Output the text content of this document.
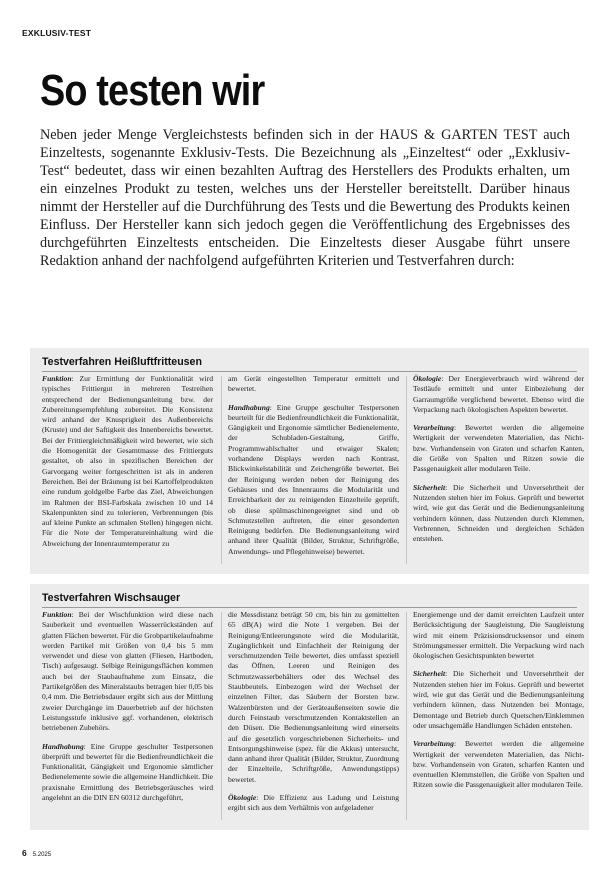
EXKLUSIV-TEST
So testen wir

Neben jeder Menge Vergleichstests befinden sich in der HAUS & GARTEN TEST auch Einzeltests, sogenannte Exklusiv-Tests. Die Bezeichnung als „Einzeltest“ oder „Exklusiv-Test“ bedeutet, dass wir einen bezahlten Auftrag des Herstellers des Produkts erhalten, um ein einzelnes Produkt zu testen, welches uns der Hersteller bereitstellt. Darüber hinaus nimmt der Hersteller auf die Durchführung des Tests und die Bewertung des Produkts keinen Einfluss. Der Hersteller kann sich jedoch gegen die Veröffentlichung des Ergebnisses des durchgeführten Einzeltests entscheiden. Die Einzeltests dieser Ausgabe führt unsere Redaktion anhand der nachfolgend aufgeführten Kriterien und Testverfahren durch:

Testverfahren Heißluftfritteusen

Funktion: Zur Ermittlung der Funktionalität wird typisches Frittiergut in mehreren Testreihen entsprechend der Bedienungsanleitung bzw. der Zubereitungsempfehlung zubereitet. Die Konsistenz wird anhand der Knusprigkeit des Außenbereichs (Kruste) und der Saftigkeit des Innenbereichs bewertet. Bei der Frittiergleichmäßigkeit wird bewertet, wie sich die Homogenität der Gesamtmasse des Frittierguts gestaltet, ob also in spezifischen Bereichen der Garvorgang weiter fortgeschritten ist als in anderen Bereichen. Bei der Bräunung ist bei Kartoffelprodukten eine rundum goldgelbe Farbe das Ziel, Abweichungen im Rahmen der BSI-Farbskala zwischen 10 und 14 Skalenpunkten sind zu tolerieren, Verbrennungen (bis auf kleine Punkte an schmalen Stellen) hingegen nicht. Für die Note der Temperatureinhaltung wird die Abweichung der Innenraumtemperatur zu

am Gerät eingestellten Temperatur ermittelt und bewertet.

Handhabung: Eine Gruppe geschulter Testpersonen beurteilt für die Bedienfreundlichkeit die Funktionalität, Gängigkeit und Ergonomie sämtlicher Bedienelemente, der Schubladen-Gestaltung, Griffe, Programmwahlschalter und etwaiger Skalen; vorhandene Displays werden nach Kontrast, Blickwinkelstabilität und Zeichengröße bewertet. Bei der Reinigung werden neben der Reinigung des Gehäuses und des Innenraums die Modularität und Erreichbarkeit der zu reinigenden Einzelteile geprüft, ob diese spülmaschinengeeignet sind und ob Schmutzstellen auftreten, die einer gesonderten Reinigung bedürfen. Die Bedienungsanleitung wird anhand ihrer Qualität (Bilder, Struktur, Schriftgröße, Anwendungs- und Pflegehinweise) bewertet.

Ökologie: Der Energieverbrauch wird während der Testläufe ermittelt und unter Einbeziehung der Garraumgröße verglichend bewertet. Ebenso wird die Verpackung nach ökologischen Aspekten bewertet.

Verarbeitung: Bewertet werden die allgemeine Wertigkeit der verwendeten Materialien, das Nicht- bzw. Vorhandensein von Graten und scharfen Kanten, die Größe von Spalten und Ritzen sowie die Passgenauigkeit aller modularen Teile.

Sicherheit: Die Sicherheit und Unversehrtheit der Nutzenden stehen hier im Fokus. Geprüft und bewertet wird, wie gut das Gerät und die Bedienungsanleitung verhindern können, dass Nutzenden durch Klemmen, Verbrennen, Schneiden und dergleichen Schäden entstehen.

Testverfahren Wischsauger

Funktion: Bei der Wischfunktion wird diese nach Sauberkeit und eventuellen Wasserrückständen auf glatten Flächen bewertet. Für die Grobpartikelaufnahme werden Partikel mit Größen von 0,4 bis 5 mm verwendet und diese von glatten (Fliesen, Hartboden, Tisch) aufgesaugt. Selbige Reinigungsflächen kommen auch bei der Staubaufnahme zum Einsatz, die Partikelgrößen des Mineralstaubs betragen hier 0,05 bis 0,4 mm. Die Betriebsdauer ergibt sich aus der Mittlung zweier Durchgänge im Dauerbetrieb auf der höchsten Leistungsstufe inklusive ggf. vorhandenen, elektrisch betriebenen Zubehörs.

Handhabung: Eine Gruppe geschulter Testpersonen überprüft und bewertet für die Bedienfreundlichkeit die Funktionalität, Gängigkeit und Ergonomie sämtlicher Bedienelemente sowie die allgemeine Handlichkeit. Die praxisnahe Ermittlung des Betriebsgeräusches wird angelehnt an die DIN EN 60312 durchgeführt,

die Messdistanz beträgt 50 cm, bis hin zu gemittelten 65 dB(A) wird die Note 1 vergeben. Bei der Reinigung/Entleerungsnote wird die Modularität, Zugänglichkeit und Einfachheit der Reinigung der verschmutzenden Teile bewertet, dies umfasst speziell das Öffnen, Leeren und Reinigen des Schmutzwasserbehälters oder des Wechsel des Staubbeutels. Einbezogen wird der Wechsel der einzelnen Filter, das Säubern der Borsten bzw. Walzenbürsten und der Geräteaußenseiten sowie die durch Feinstaub verschmutzenden Kontaktstellen an den Düsen. Die Bedienungsanleitung wird einerseits auf die gesetzlich vorgeschriebenen Sicherheits- und Entsorgungshinweise (spez. für die Akkus) untersucht, dann anhand ihrer Qualität (Bilder, Struktur, Zuordnung der Einzelteile, Schriftgröße, Anwendungstipps) bewertet.

Ökologie: Die Effizienz aus Ladung und Leistung ergibt sich aus dem Verhältnis von aufgeladener

Energiemenge und der damit erreichten Laufzeit unter Berücksichtigung der Saugleistung. Die Saugleistung wird mit einem Präzisionsdrucksensor und einem Strömungsmesser ermittelt. Die Verpackung wird nach ökologischen Gesichtspunkten bewertet

Sicherheit: Die Sicherheit und Unversehrtheit der Nutzenden stehen hier im Fokus. Geprüft und bewertet wird, wie gut das Gerät und die Bedienungsanleitung verhindern können, dass Nutzenden bei Montage, Demontage und Betrieb durch Quetschen/Einklemmen oder unsachgemäße Handlungen Schäden entstehen.

Verarbeitung: Bewertet werden die allgemeine Wertigkeit der verwendeten Materialien, das Nicht- bzw. Vorhandensein von Graten, scharfen Kanten und eventuellen Klemmstellen, die Größe von Spalten und Ritzen sowie die Passgenauigkeit aller modularen Teile.

6 5.2025
